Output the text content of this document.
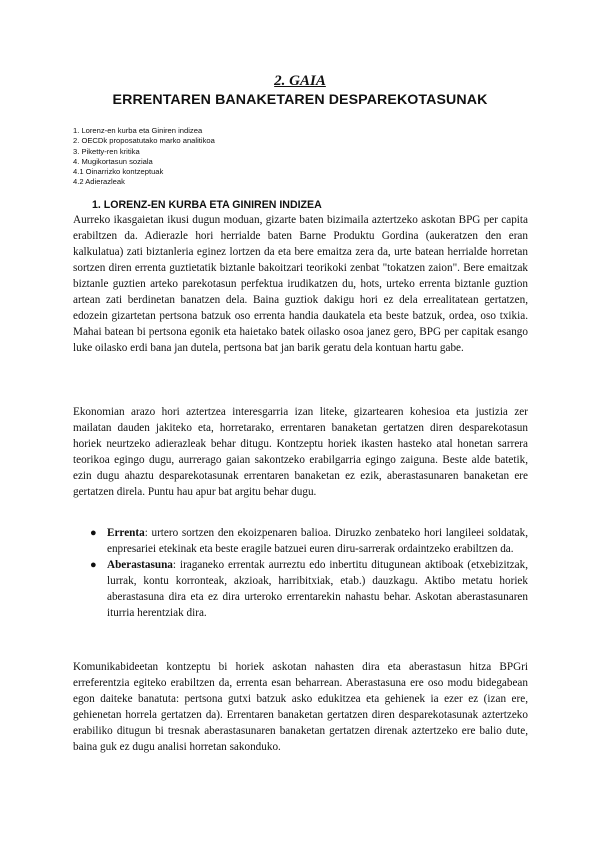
2. GAIA
ERRENTAREN BANAKETAREN DESPAREKOTASUNAK
1. Lorenz-en kurba eta Giniren indizea
2. OECDk proposatutako marko analitikoa
3. Piketty-ren kritika
4. Mugikortasun soziala
4.1 Oinarrizko kontzeptuak
4.2 Adierazleak
1. LORENZ-EN KURBA ETA GINIREN INDIZEA

Aurreko ikasgaietan ikusi dugun moduan, gizarte baten bizimaila aztertzeko askotan BPG per capita erabiltzen da. Adierazle hori herrialde baten Barne Produktu Gordina (aukeratzen den eran kalkulatua) zati biztanleria eginez lortzen da eta bere emaitza zera da, urte batean herrialde horretan sortzen diren errenta guztietatik biztanle bakoitzari teorikoki zenbat "tokatzen zaion". Bere emaitzak biztanle guztien arteko parekotasun perfektua irudikatzen du, hots, urteko errenta biztanle guztion artean zati berdinetan banatzen dela. Baina guztiok dakigu hori ez dela errealitatean gertatzen, edozein gizartetan pertsona batzuk oso errenta handia daukatela eta beste batzuk, ordea, oso txikia. Mahai batean bi pertsona egonik eta haietako batek oilasko osoa janez gero, BPG per capitak esango luke oilasko erdi bana jan dutela, pertsona bat jan barik geratu dela kontuan hartu gabe.

Ekonomian arazo hori aztertzea interesgarria izan liteke, gizartearen kohesioa eta justizia zer mailatan dauden jakiteko eta, horretarako, errentaren banaketan gertatzen diren desparekotasun horiek neurtzeko adierazleak behar ditugu. Kontzeptu horiek ikasten hasteko atal honetan sarrera teorikoa egingo dugu, aurrerago gaian sakontzeko erabilgarria egingo zaiguna. Beste alde batetik, ezin dugu ahaztu desparekotasunak errentaren banaketan ez ezik, aberastasunaren banaketan ere gertatzen direla. Puntu hau apur bat argitu behar dugu.

● Errenta: urtero sortzen den ekoizpenaren balioa. Diruzko zenbateko hori langileei soldatak, enpresariei etekinak eta beste eragile batzuei euren diru-sarrerak ordaintzeko erabiltzen da.
● Aberastasuna: iraganeko errentak aurreztu edo inbertitu ditugunean aktiboak (etxebizitzak, lurrak, kontu korronteak, akzioak, harribitxiak, etab.) dauzkagu. Aktibo metatu horiek aberastasuna dira eta ez dira urteroko errentarekin nahastu behar. Askotan aberastasunaren iturria herentziak dira.

Komunikabideetan kontzeptu bi horiek askotan nahasten dira eta aberastasun hitza BPGri erreferentzia egiteko erabiltzen da, errenta esan beharrean. Aberastasuna ere oso modu bidegabean egon daiteke banatuta: pertsona gutxi batzuk asko edukitzea eta gehienek ia ezer ez (izan ere, gehienetan horrela gertatzen da). Errentaren banaketan gertatzen diren desparekotasunak aztertzeko erabiliko ditugun bi tresnak aberastasunaren banaketan gertatzen direnak aztertzeko ere balio dute, baina guk ez dugu analisi horretan sakonduko.
